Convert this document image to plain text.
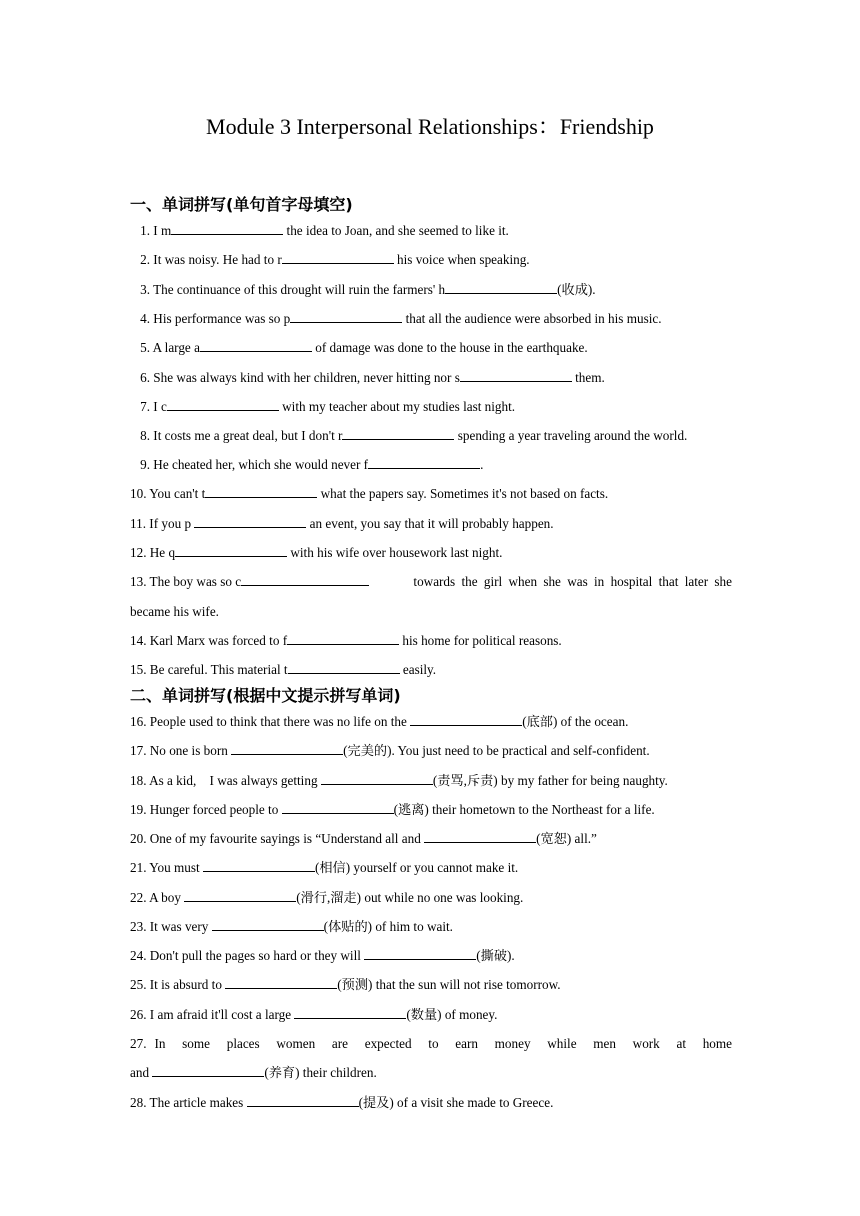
Module 3 Interpersonal Relationships：Friendship
一、单词拼写(单句首字母填空)
1. I m	the idea to Joan, and she seemed to like it.
2. It was noisy. He had to r	his voice when speaking.
3. The continuance of this drought will ruin the farmers' h	(收成).
4. His performance was so p	that all the audience were absorbed in his music.
5. A large a	of damage was done to the house in the earthquake.
6. She was always kind with her children, never hitting nor s	them.
7. I c	with my teacher about my studies last night.
8. It costs me a great deal, but I don't r	spending a year traveling around the world.
9. He cheated her, which she would never f	.
10. You can't t	what the papers say. Sometimes it's not based on facts.
11. If you p	an event, you say that it will probably happen.
12. He q	with his wife over housework last night.
13. The boy was so c	towards the girl when she was in hospital that later she
became his wife.
14. Karl Marx was forced to f	his home for political reasons.
15. Be careful. This material t	easily.
二、单词拼写(根据中文提示拼写单词)
16. People used to think that there was no life on the	(底部) of the ocean.
17. No one is born	(完美的). You just need to be practical and self-confident.
18. As a kid,　I was always getting	(责骂,斥责) by my father for being naughty.
19. Hunger forced people to	(逃离) their hometown to the Northeast for a life.
20. One of my favourite sayings is “Understand all and	(宽恕) all.”
21. You must	(相信) yourself or you cannot make it.
22. A boy	(滑行,溜走) out while no one was looking.
23. It was very	(体贴的) of him to wait.
24. Don't pull the pages so hard or they will	(撕破).
25. It is absurd to	(预测) that the sun will not rise tomorrow.
26. I am afraid it'll cost a large	(数量) of money.
27. In some places women are expected to earn money while men work at home
and	(养育) their children.
28. The article makes	(提及) of a visit she made to Greece.
